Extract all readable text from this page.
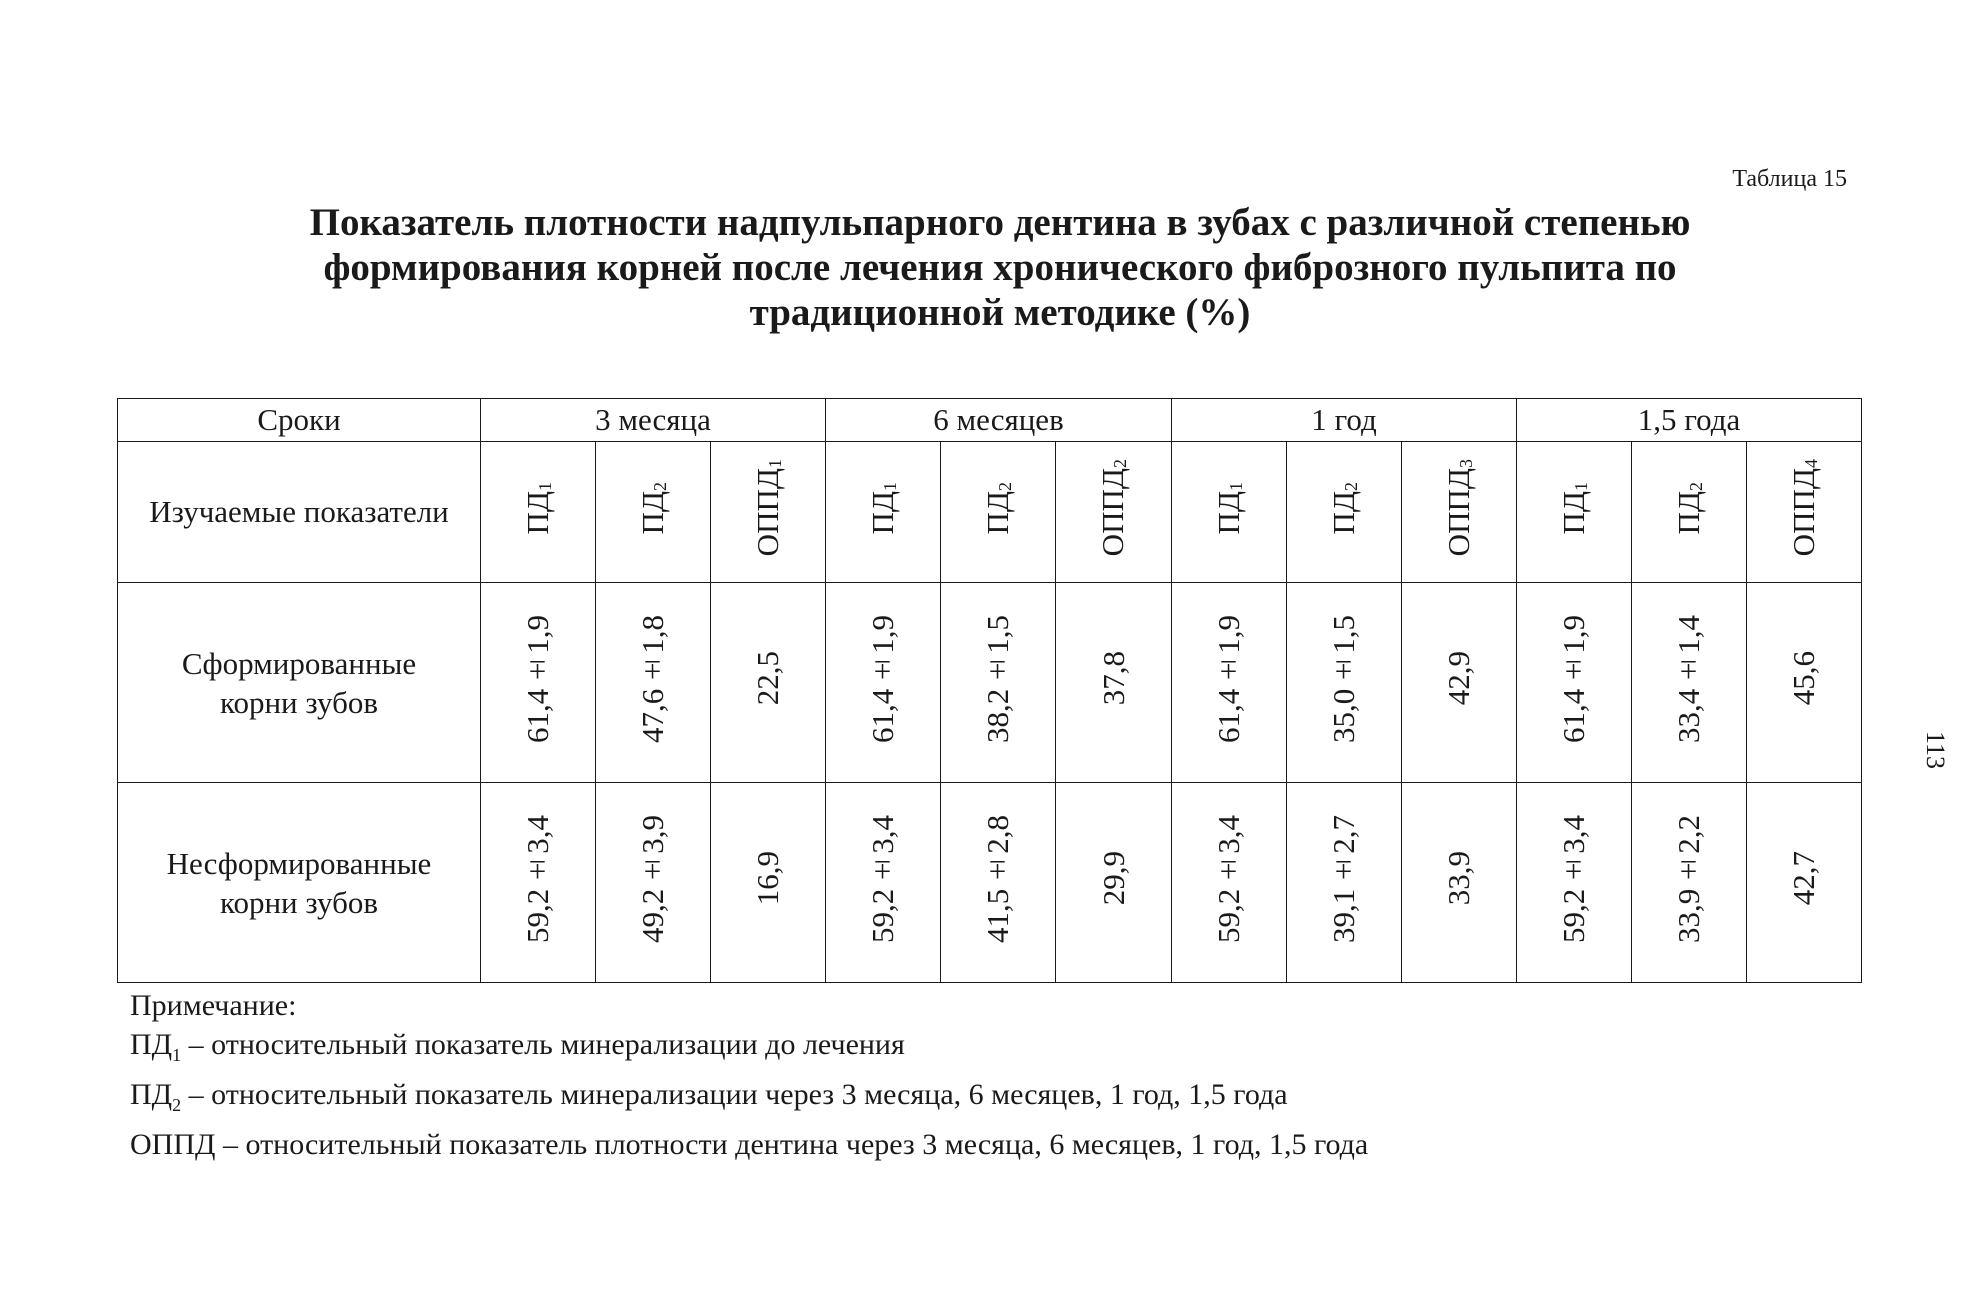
113
Таблица 15
Показатель плотности надпульпарного дентина в зубах с различной степенью
формирования корней после лечения хронического фиброзного пульпита по
традиционной методике (%)
Сроки	3 месяца			6 месяцев			1 год			1,5 года		
Изучаемые показатели	$ПД_1$	$ПД_2$	$ОППД_1$	$ПД_1$	$ПД_2$	$ОППД_2$	$ПД_1$	$ПД_2$	$ОППД_3$	$ПД_1$	$ПД_2$	$ОППД_4$

Сформированные
корни зубов	61,4±1,9	47,6±1,8	22,5	61,4±1,9	38,2±1,5	37,8	61,4±1,9	35,0±1,5	42,9	61,4±1,9	33,4±1,4	45,6

Несформированные
корни зубов	59,2±3,4	49,2±3,9	16,9	59,2±3,4	41,5±2,8	29,9	59,2±3,4	39,1±2,7	33,9	59,2±3,4	33,9±2,2	42,7
Примечание:
$ПД_1$ – относительный показатель минерализации до лечения
$ПД_2$ – относительный показатель минерализации через 3 месяца, 6 месяцев, 1 год, 1,5 года
ОППД – относительный показатель плотности дентина через 3 месяца, 6 месяцев, 1 год, 1,5 года
